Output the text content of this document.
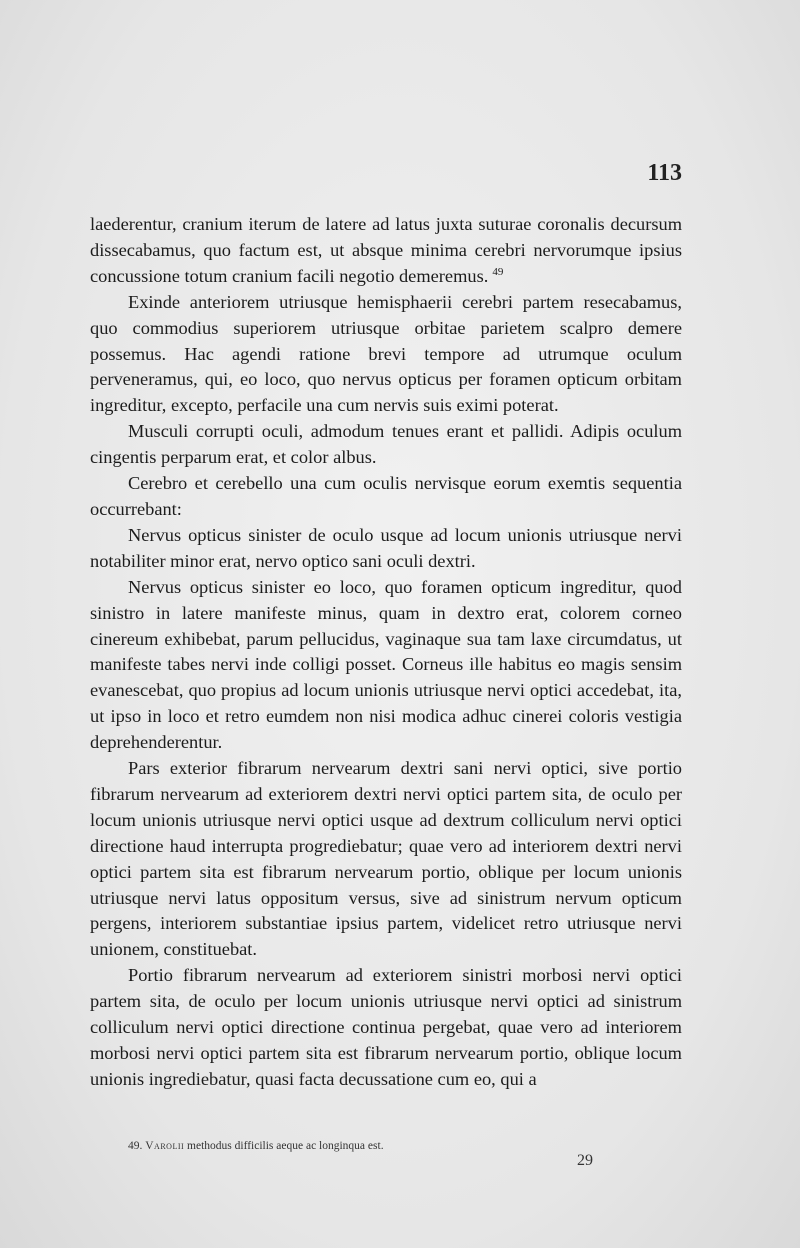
113

laederentur, cranium iterum de latere ad latus juxta suturae coronalis decursum dissecabamus, quo factum est, ut absque minima cerebri nervorumque ipsius concussione totum cranium facili negotio demeremus. $^{49}$

Exinde anteriorem utriusque hemisphaerii cerebri partem resecabamus, quo commodius superiorem utriusque orbitae parietem scalpro demere possemus. Hac agendi ratione brevi tempore ad utrumque oculum perveneramus, qui, eo loco, quo nervus opticus per foramen opticum orbitam ingreditur, excepto, perfacile una cum nervis suis eximi poterat.

Musculi corrupti oculi, admodum tenues erant et pallidi. Adipis oculum cingentis perparum erat, et color albus.

Cerebro et cerebello una cum oculis nervisque eorum exemtis sequentia occurrebant:

Nervus opticus sinister de oculo usque ad locum unionis utriusque nervi notabiliter minor erat, nervo optico sani oculi dextri.

Nervus opticus sinister eo loco, quo foramen opticum ingreditur, quod sinistro in latere manifeste minus, quam in dextro erat, colorem corneo cinereum exhibebat, parum pellucidus, vaginaque sua tam laxe circumdatus, ut manifeste tabes nervi inde colligi posset. Corneus ille habitus eo magis sensim evanescebat, quo propius ad locum unionis utriusque nervi optici accedebat, ita, ut ipso in loco et retro eumdem non nisi modica adhuc cinerei coloris vestigia deprehenderentur.

Pars exterior fibrarum nervearum dextri sani nervi optici, sive portio fibrarum nervearum ad exteriorem dextri nervi optici partem sita, de oculo per locum unionis utriusque nervi optici usque ad dextrum colliculum nervi optici directione haud interrupta progrediebatur; quae vero ad interiorem dextri nervi optici partem sita est fibrarum nervearum portio, oblique per locum unionis utriusque nervi latus oppositum versus, sive ad sinistrum nervum opticum pergens, interiorem substantiae ipsius partem, videlicet retro utriusque nervi unionem, constituebat.

Portio fibrarum nervearum ad exteriorem sinistri morbosi nervi optici partem sita, de oculo per locum unionis utriusque nervi optici ad sinistrum colliculum nervi optici directione continua pergebat, quae vero ad interiorem morbosi nervi optici partem sita est fibrarum nervearum portio, oblique locum unionis ingrediebatur, quasi facta decussatione cum eo, qui a

49. Varolii methodus difficilis aeque ac longinqua est.
29
